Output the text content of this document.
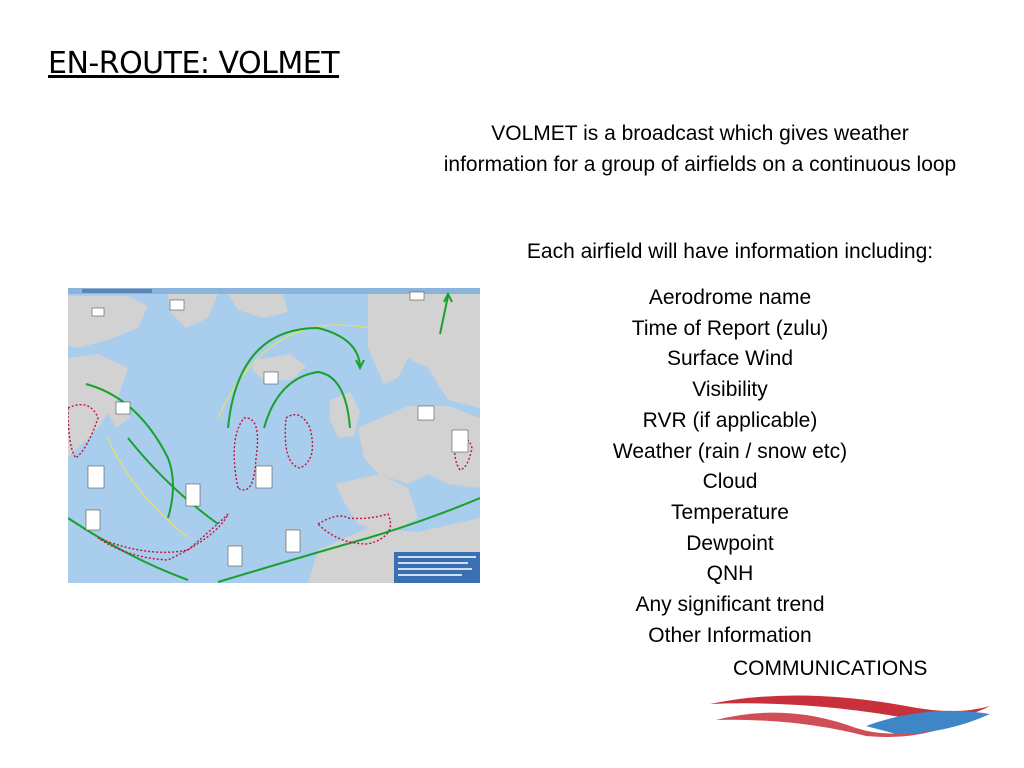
EN-ROUTE: VOLMET
VOLMET is a broadcast which gives weather information for a group of airfields on a continuous loop
Each airfield will have information including:
Aerodrome name
Time of Report (zulu)
Surface Wind
Visibility
RVR (if applicable)
Weather (rain / snow etc)
Cloud
Temperature
Dewpoint
QNH
Any significant trend
Other Information
COMMUNICATIONS
